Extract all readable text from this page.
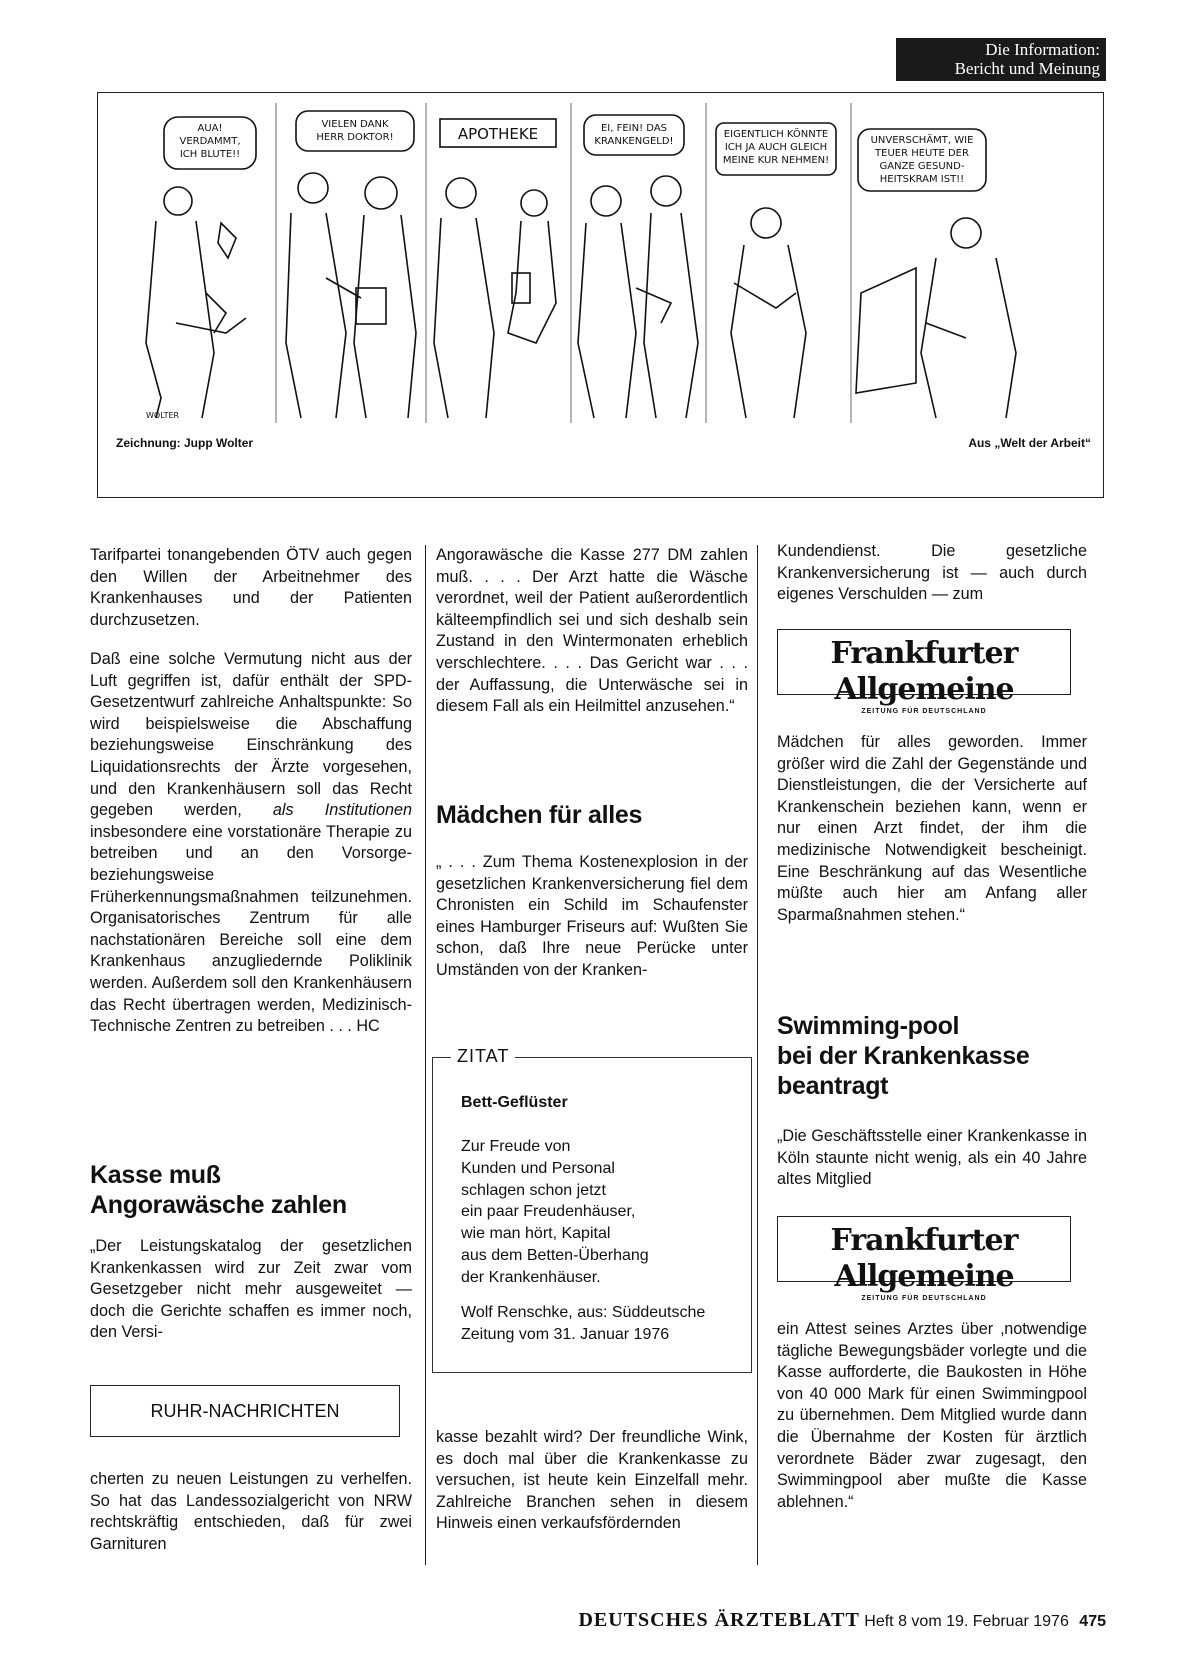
Die Information:
Bericht und Meinung
AUA!
VERDAMMT,
ICH BLUTE!!
WOLTER
VIELEN DANK
HERR DOKTOR!	APOTHEKE	EI, FEIN! DAS
KRANKENGELD!
EIGENTLICH KÖNNTE
ICH JA AUCH GLEICH
MEINE KUR NEHMEN!
UNVERSCHÄMT, WIE
TEUER HEUTE DER
GANZE GESUND-
HEITSKRAM IST!!
Zeichnung: Jupp Wolter	Aus „Welt der Arbeit“

Tarifpartei tonangebenden ÖTV auch gegen den Willen der Arbeitnehmer des Krankenhauses und der Patienten durchzusetzen.

Daß eine solche Vermutung nicht aus der Luft gegriffen ist, dafür enthält der SPD-Gesetzentwurf zahlreiche Anhaltspunkte: So wird beispielsweise die Abschaffung beziehungsweise Einschränkung des Liquidationsrechts der Ärzte vorgesehen, und den Krankenhäusern soll das Recht gegeben werden, als Institutionen insbesondere eine vorstationäre Therapie zu betreiben und an den Vorsorge- beziehungsweise Früherkennungsmaßnahmen teilzunehmen. Organisatorisches Zentrum für alle nachstationären Bereiche soll eine dem Krankenhaus anzugliedernde Poliklinik werden. Außerdem soll den Krankenhäusern das Recht übertragen werden, Medizinisch-Technische Zentren zu betreiben . . . HC

Kasse muß
Angorawäsche zahlen

„Der Leistungskatalog der gesetzlichen Krankenkassen wird zur Zeit zwar vom Gesetzgeber nicht mehr ausgeweitet — doch die Gerichte schaffen es immer noch, den Versi-

RUHR-NACHRICHTEN

cherten zu neuen Leistungen zu verhelfen. So hat das Landessozialgericht von NRW rechtskräftig entschieden, daß für zwei Garnituren

Angorawäsche die Kasse 277 DM zahlen muß. . . . Der Arzt hatte die Wäsche verordnet, weil der Patient außerordentlich kälteempfindlich sei und sich deshalb sein Zustand in den Wintermonaten erheblich verschlechtere. . . . Das Gericht war . . . der Auffassung, die Unterwäsche sei in diesem Fall als ein Heilmittel anzusehen.“

Mädchen für alles

„ . . . Zum Thema Kostenexplosion in der gesetzlichen Krankenversicherung fiel dem Chronisten ein Schild im Schaufenster eines Hamburger Friseurs auf: Wußten Sie schon, daß Ihre neue Perücke unter Umständen von der Kranken-

ZITAT
Bett-Geflüster
Zur Freude von
Kunden und Personal
schlagen schon jetzt
ein paar Freudenhäuser,
wie man hört, Kapital
aus dem Betten-Überhang
der Krankenhäuser.
Wolf Renschke, aus: Süddeutsche Zeitung vom 31. Januar 1976

kasse bezahlt wird? Der freundliche Wink, es doch mal über die Krankenkasse zu versuchen, ist heute kein Einzelfall mehr. Zahlreiche Branchen sehen in diesem Hinweis einen verkaufsfördernden

Kundendienst. Die gesetzliche Krankenversicherung ist — auch durch eigenes Verschulden — zum

Frankfurter Allgemeine
ZEITUNG FÜR DEUTSCHLAND

Mädchen für alles geworden. Immer größer wird die Zahl der Gegenstände und Dienstleistungen, die der Versicherte auf Krankenschein beziehen kann, wenn er nur einen Arzt findet, der ihm die medizinische Notwendigkeit bescheinigt. Eine Beschränkung auf das Wesentliche müßte auch hier am Anfang aller Sparmaßnahmen stehen.“

Swimming-pool
bei der Krankenkasse
beantragt

„Die Geschäftsstelle einer Krankenkasse in Köln staunte nicht wenig, als ein 40 Jahre altes Mitglied

Frankfurter Allgemeine
ZEITUNG FÜR DEUTSCHLAND

ein Attest seines Arztes über ‚notwendige tägliche Bewegungsbäder vorlegte und die Kasse aufforderte, die Baukosten in Höhe von 40 000 Mark für einen Swimmingpool zu übernehmen. Dem Mitglied wurde dann die Übernahme der Kosten für ärztlich verordnete Bäder zwar zugesagt, den Swimmingpool aber mußte die Kasse ablehnen.“

DEUTSCHES ÄRZTEBLATT Heft 8 vom 19. Februar 1976 475
